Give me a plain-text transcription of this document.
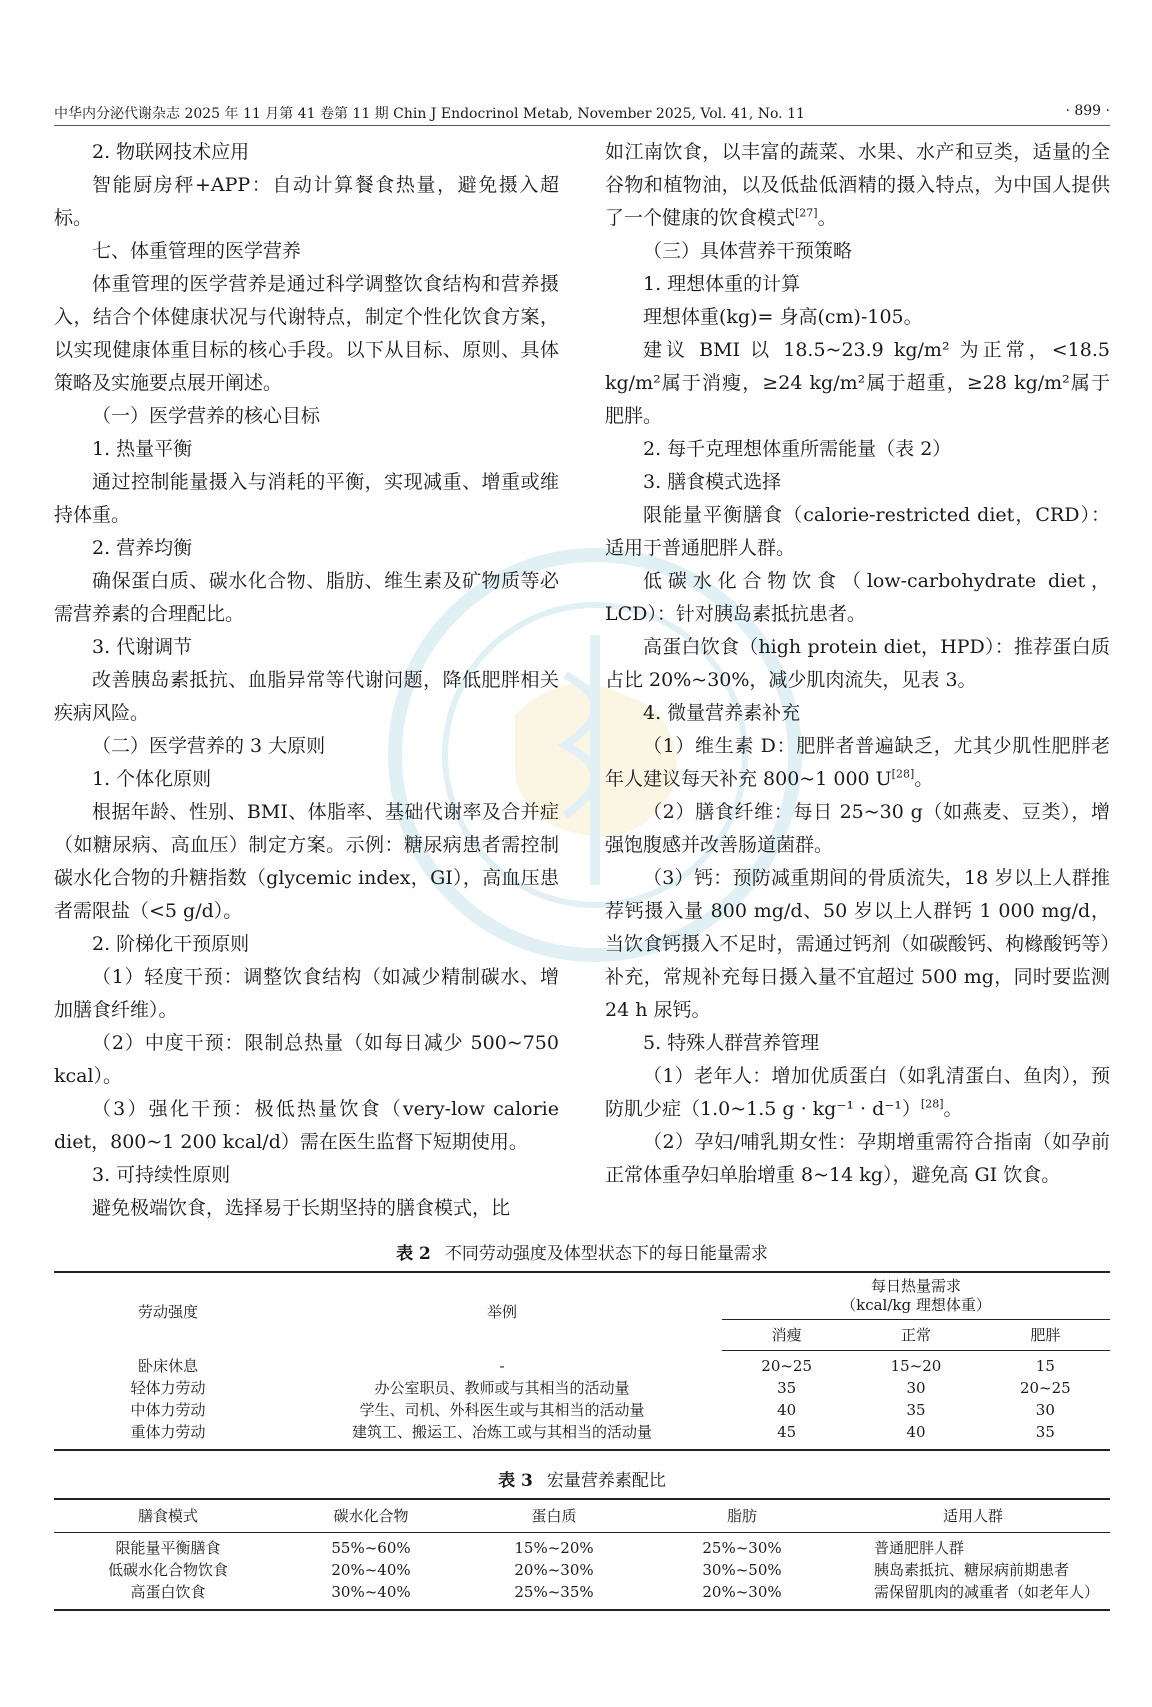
中华内分泌代谢杂志 2025 年 11 月第 41 卷第 11 期 Chin J Endocrinol Metab, November 2025, Vol. 41, No. 11	· 899 ·

2. 物联网技术应用

智能厨房秤+APP：自动计算餐食热量，避免摄入超标。

七、体重管理的医学营养

体重管理的医学营养是通过科学调整饮食结构和营养摄入，结合个体健康状况与代谢特点，制定个性化饮食方案，以实现健康体重目标的核心手段。以下从目标、原则、具体策略及实施要点展开阐述。

（一）医学营养的核心目标

1. 热量平衡

通过控制能量摄入与消耗的平衡，实现减重、增重或维持体重。

2. 营养均衡

确保蛋白质、碳水化合物、脂肪、维生素及矿物质等必需营养素的合理配比。

3. 代谢调节

改善胰岛素抵抗、血脂异常等代谢问题，降低肥胖相关疾病风险。

（二）医学营养的 3 大原则

1. 个体化原则

根据年龄、性别、BMI、体脂率、基础代谢率及合并症（如糖尿病、高血压）制定方案。示例：糖尿病患者需控制碳水化合物的升糖指数（glycemic index，GI），高血压患者需限盐（<5 g/d）。

2. 阶梯化干预原则

（1）轻度干预：调整饮食结构（如减少精制碳水、增加膳食纤维）。

（2）中度干预：限制总热量（如每日减少 500~750 kcal）。

（3）强化干预：极低热量饮食（very-low calorie diet，800~1 200 kcal/d）需在医生监督下短期使用。

3. 可持续性原则

避免极端饮食，选择易于长期坚持的膳食模式，比

如江南饮食，以丰富的蔬菜、水果、水产和豆类，适量的全谷物和植物油，以及低盐低酒精的摄入特点，为中国人提供了一个健康的饮食模式[27]。

（三）具体营养干预策略

1. 理想体重的计算

理想体重(kg)= 身高(cm)-105。

建议 BMI 以 18.5~23.9 kg/m² 为正常，<18.5 kg/m²属于消瘦，≥24 kg/m²属于超重，≥28 kg/m²属于肥胖。

2. 每千克理想体重所需能量（表 2）

3. 膳食模式选择

限能量平衡膳食（calorie-restricted diet，CRD）：适用于普通肥胖人群。

低碳水化合物饮食（low-carbohydrate diet，LCD）：针对胰岛素抵抗患者。

高蛋白饮食（high protein diet，HPD）：推荐蛋白质占比 20%~30%，减少肌肉流失，见表 3。

4. 微量营养素补充

（1）维生素 D：肥胖者普遍缺乏，尤其少肌性肥胖老年人建议每天补充 800~1 000 U[28]。

（2）膳食纤维：每日 25~30 g（如燕麦、豆类），增强饱腹感并改善肠道菌群。

（3）钙：预防减重期间的骨质流失，18 岁以上人群推荐钙摄入量 800 mg/d、50 岁以上人群钙 1 000 mg/d，当饮食钙摄入不足时，需通过钙剂（如碳酸钙、枸橼酸钙等）补充，常规补充每日摄入量不宜超过 500 mg，同时要监测 24 h 尿钙。

5. 特殊人群营养管理

（1）老年人：增加优质蛋白（如乳清蛋白、鱼肉），预防肌少症（1.0~1.5 g · kg⁻¹ · d⁻¹）[28]。

（2）孕妇/哺乳期女性：孕期增重需符合指南（如孕前正常体重孕妇单胎增重 8~14 kg），避免高 GI 饮食。

表 2 不同劳动强度及体型状态下的每日能量需求
劳动强度	举例	每日热量需求
（kcal/kg 理想体重）		
		消瘦	正常	肥胖
卧床休息	-	20~25	15~20	15
轻体力劳动	办公室职员、教师或与其相当的活动量	35	30	20~25
中体力劳动	学生、司机、外科医生或与其相当的活动量	40	35	30
重体力劳动	建筑工、搬运工、冶炼工或与其相当的活动量	45	40	35
表 3 宏量营养素配比
膳食模式	碳水化合物	蛋白质	脂肪	适用人群
限能量平衡膳食	55%~60%	15%~20%	25%~30%	普通肥胖人群
低碳水化合物饮食	20%~40%	20%~30%	30%~50%	胰岛素抵抗、糖尿病前期患者
高蛋白饮食	30%~40%	25%~35%	20%~30%	需保留肌肉的减重者（如老年人）
